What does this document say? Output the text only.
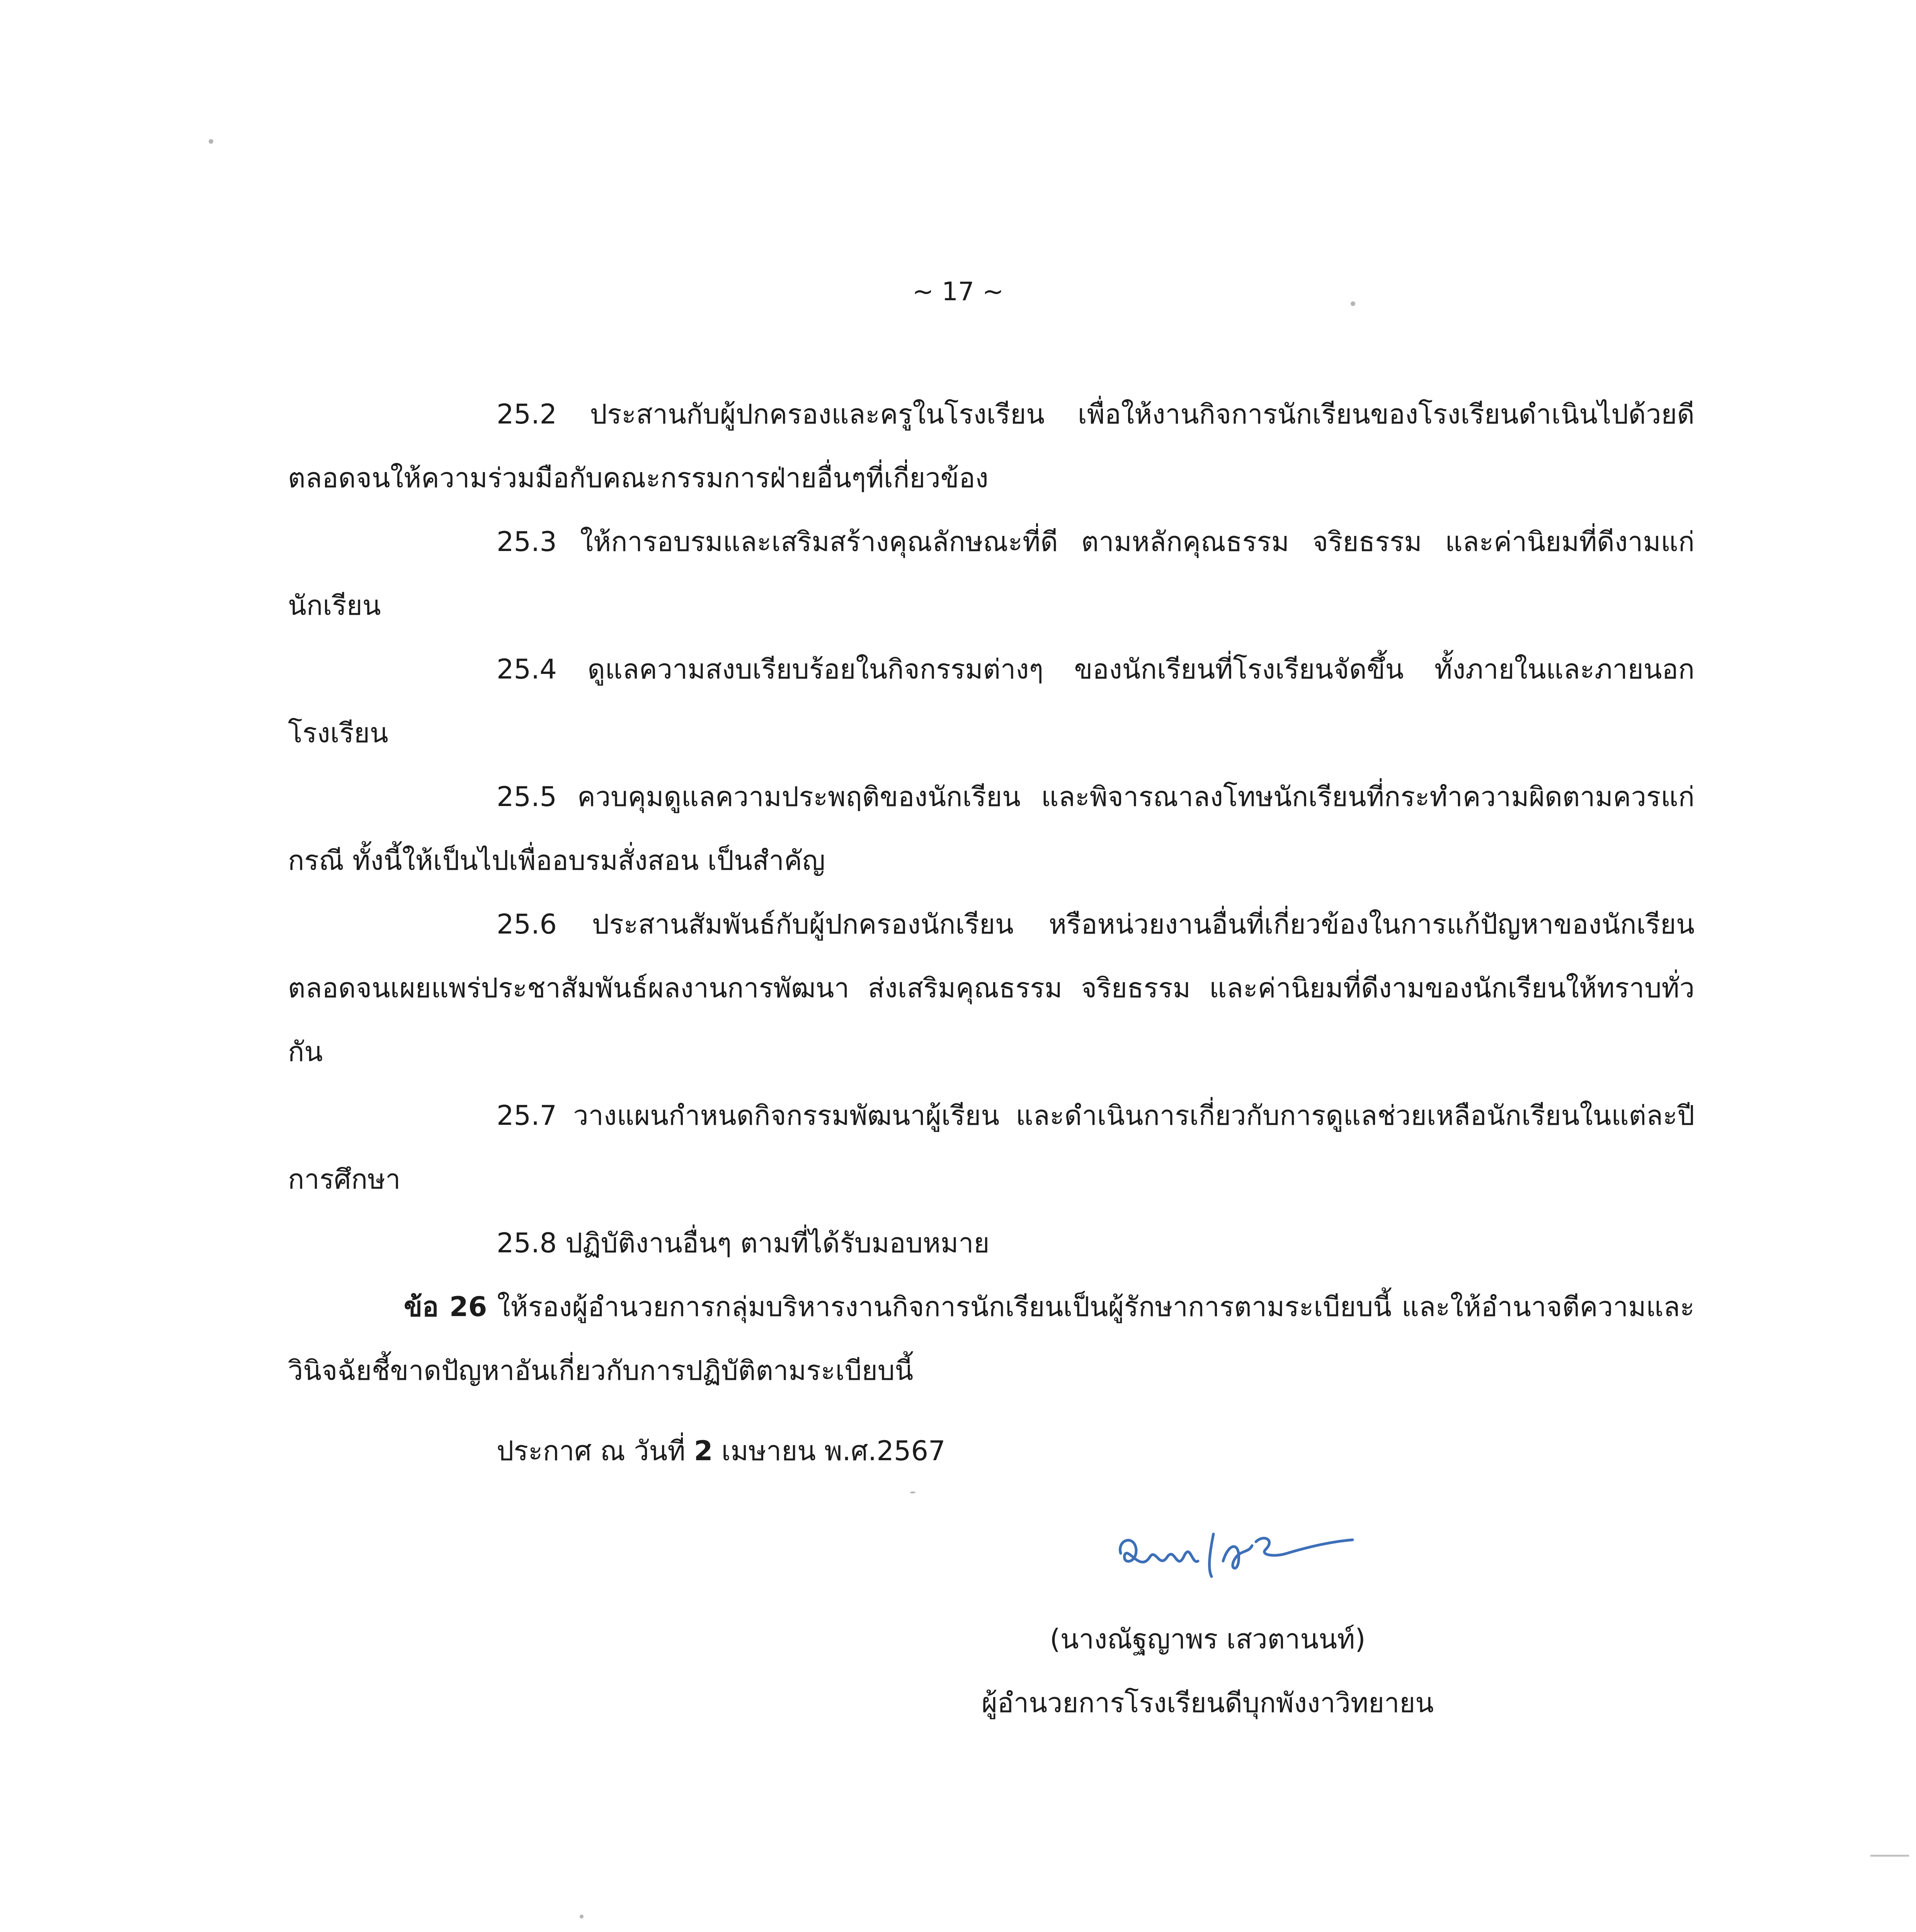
~ 17 ~

25.2 ประสานกับผู้ปกครองและครูในโรงเรียน เพื่อให้งานกิจการนักเรียนของโรงเรียนดำเนินไปด้วยดี ตลอดจนให้ความร่วมมือกับคณะกรรมการฝ่ายอื่นๆที่เกี่ยวข้อง

25.3 ให้การอบรมและเสริมสร้างคุณลักษณะที่ดี ตามหลักคุณธรรม จริยธรรม และค่านิยมที่ดีงามแก่นักเรียน

25.4 ดูแลความสงบเรียบร้อยในกิจกรรมต่างๆ ของนักเรียนที่โรงเรียนจัดขึ้น ทั้งภายในและภายนอกโรงเรียน

25.5 ควบคุมดูแลความประพฤติของนักเรียน และพิจารณาลงโทษนักเรียนที่กระทำความผิดตามควรแก่กรณี ทั้งนี้ให้เป็นไปเพื่ออบรมสั่งสอน เป็นสำคัญ

25.6 ประสานสัมพันธ์กับผู้ปกครองนักเรียน หรือหน่วยงานอื่นที่เกี่ยวข้องในการแก้ปัญหาของนักเรียน ตลอดจนเผยแพร่ประชาสัมพันธ์ผลงานการพัฒนา ส่งเสริมคุณธรรม จริยธรรม และค่านิยมที่ดีงามของนักเรียนให้ทราบทั่วกัน

25.7 วางแผนกำหนดกิจกรรมพัฒนาผู้เรียน และดำเนินการเกี่ยวกับการดูแลช่วยเหลือนักเรียนในแต่ละปีการศึกษา

25.8 ปฏิบัติงานอื่นๆ ตามที่ได้รับมอบหมาย

ข้อ 26 ให้รองผู้อำนวยการกลุ่มบริหารงานกิจการนักเรียนเป็นผู้รักษาการตามระเบียบนี้ และให้อำนาจตีความและวินิจฉัยชี้ขาดปัญหาอันเกี่ยวกับการปฏิบัติตามระเบียบนี้

ประกาศ ณ วันที่ 2 เมษายน พ.ศ.2567
(นางณัฐญาพร เสวตานนท์)
ผู้อำนวยการโรงเรียนดีบุกพังงาวิทยายน
